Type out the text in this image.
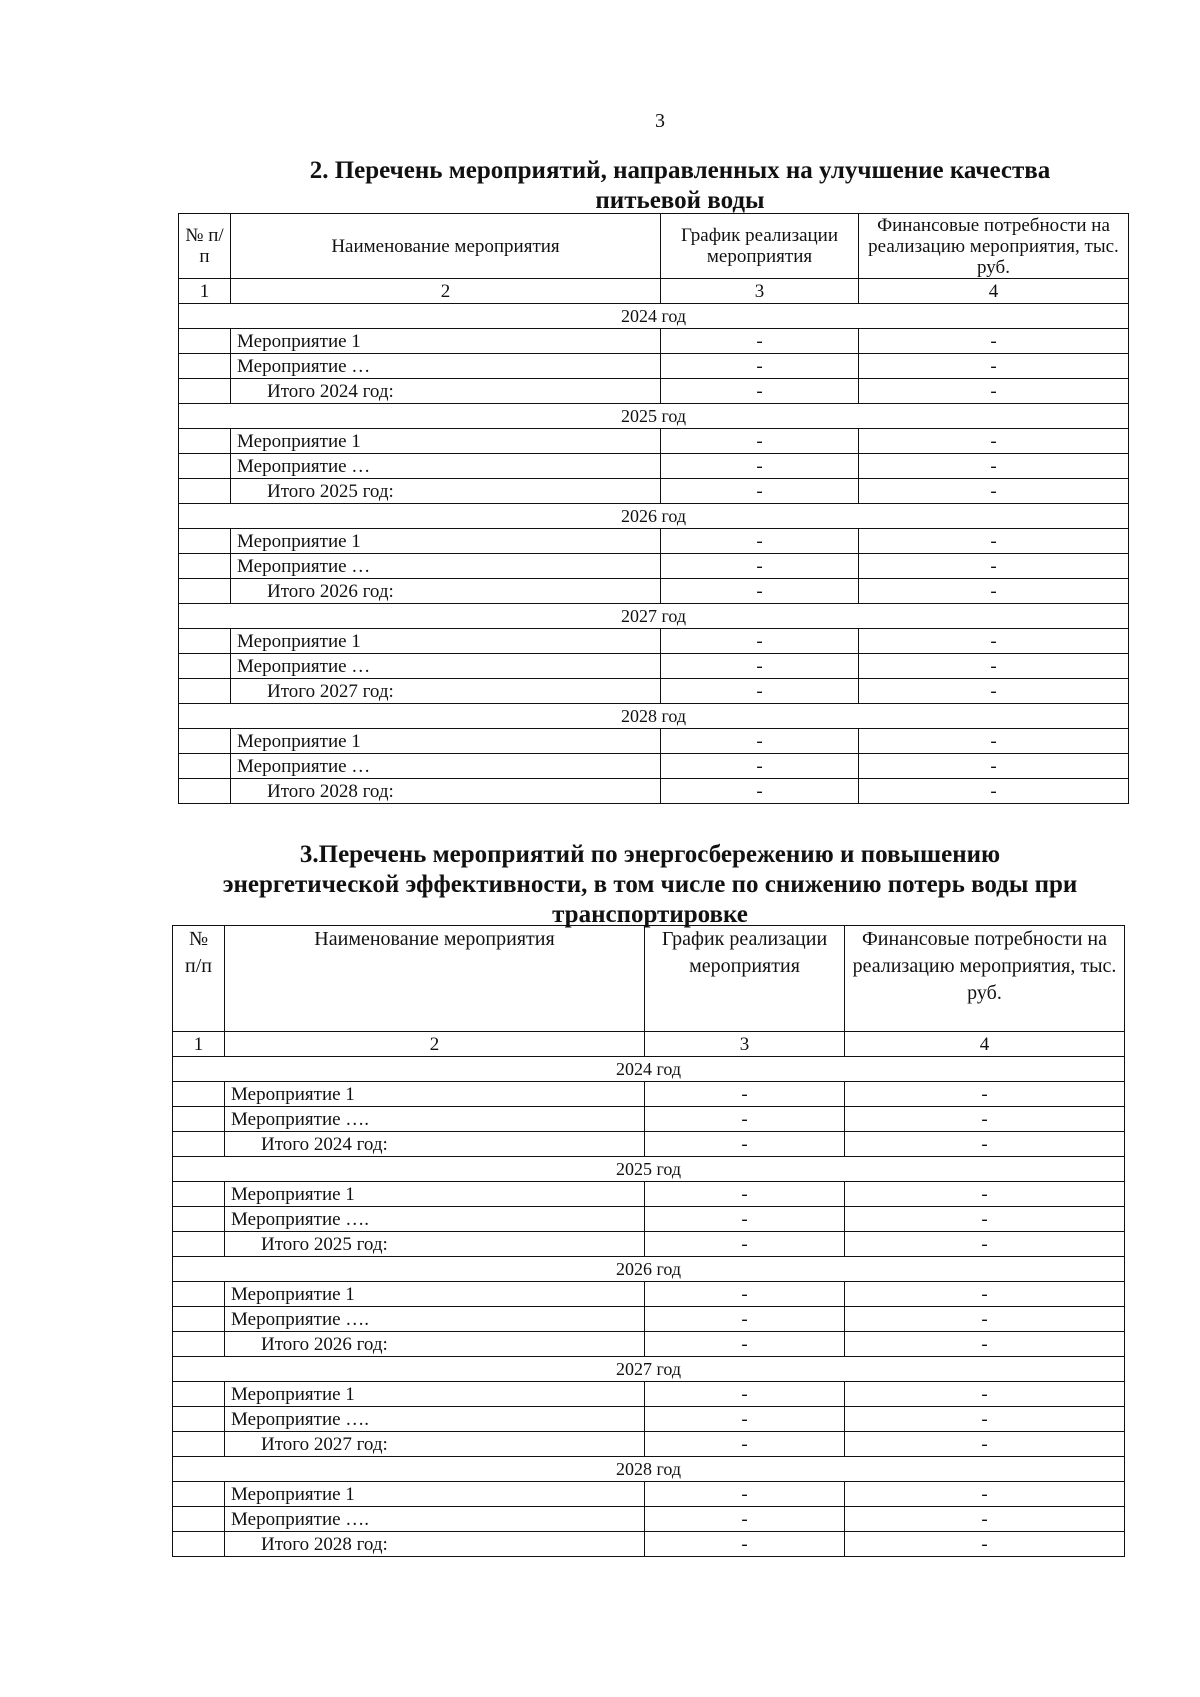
3
2. Перечень мероприятий, направленных на улучшение качества
питьевой воды
№ п/п	Наименование мероприятия	График реализации мероприятия	Финансовые потребности на реализацию мероприятия, тыс. руб.
1	2	3	4
2024 год			
	Мероприятие 1	-	-
	Мероприятие …	-	-
	Итого 2024 год:	-	-
2025 год			
	Мероприятие 1	-	-
	Мероприятие …	-	-
	Итого 2025 год:	-	-
2026 год			
	Мероприятие 1	-	-
	Мероприятие …	-	-
	Итого 2026 год:	-	-
2027 год			
	Мероприятие 1	-	-
	Мероприятие …	-	-
	Итого 2027 год:	-	-
2028 год			
	Мероприятие 1	-	-
	Мероприятие …	-	-
	Итого 2028 год:	-	-
3.Перечень мероприятий по энергосбережению и повышению
энергетической эффективности, в том числе по снижению потерь воды при
транспортировке
№ п/п	Наименование мероприятия	График реализации мероприятия	Финансовые потребности на реализацию мероприятия, тыс. руб.
1	2	3	4
2024 год			
	Мероприятие 1	-	-
	Мероприятие ….	-	-
	Итого 2024 год:	-	-
2025 год			
	Мероприятие 1	-	-
	Мероприятие ….	-	-
	Итого 2025 год:	-	-
2026 год			
	Мероприятие 1	-	-
	Мероприятие ….	-	-
	Итого 2026 год:	-	-
2027 год			
	Мероприятие 1	-	-
	Мероприятие ….	-	-
	Итого 2027 год:	-	-
2028 год			
	Мероприятие 1	-	-
	Мероприятие ….	-	-
	Итого 2028 год:	-	-
